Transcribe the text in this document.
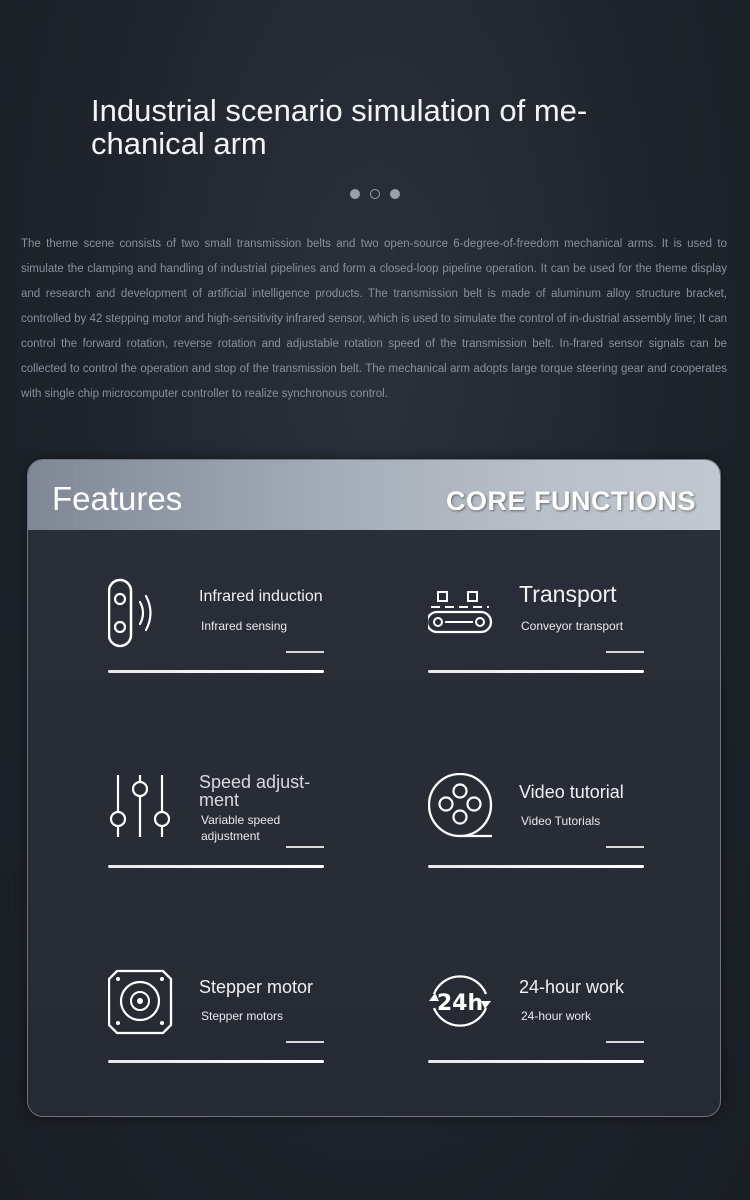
Industrial scenario simulation of me-chanical arm

The theme scene consists of two small transmission belts and two open-source 6-degree-of-freedom mechanical arms. It is used to simulate the clamping and handling of industrial pipelines and form a closed-loop pipeline operation. It can be used for the theme display and research and development of artificial intelligence products. The transmission belt is made of aluminum alloy structure bracket, controlled by 42 stepping motor and high-sensitivity infrared sensor, which is used to simulate the control of in-dustrial assembly line; It can control the forward rotation, reverse rotation and adjustable rotation speed of the transmission belt. In-frared sensor signals can be collected to control the operation and stop of the transmission belt. The mechanical arm adopts large torque steering gear and cooperates with single chip microcomputer controller to realize synchronous control.

Features	CORE FUNCTIONS
Infrared induction
Infrared sensing
Transport
Conveyor transport
Speed adjust-ment
Variable speed adjustment
Video tutorial
Video Tutorials
Stepper motor
Stepper motors	24h
24-hour work
24-hour work
